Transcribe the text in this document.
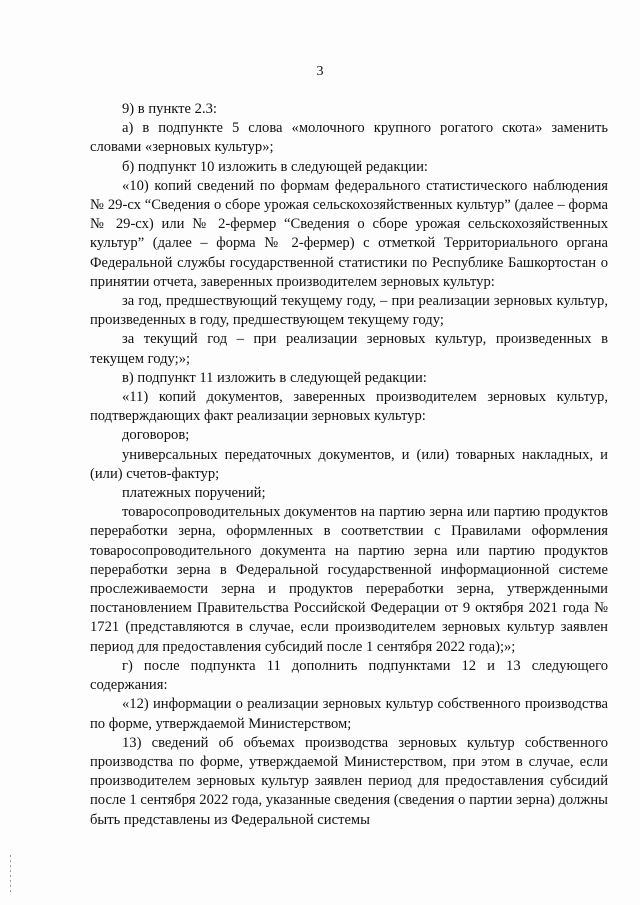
3

9) в пункте 2.3:

а) в подпункте 5 слова «молочного крупного рогатого скота» заменить словами «зерновых культур»;

б) подпункт 10 изложить в следующей редакции:

«10) копий сведений по формам федерального статистического наблюдения № 29-сх “Сведения о сборе урожая сельскохозяйственных культур” (далее – форма № 29-сх) или № 2-фермер “Сведения о сборе урожая сельскохозяйственных культур” (далее – форма № 2-фермер) с отметкой Территориального органа Федеральной службы государственной статистики по Республике Башкортостан о принятии отчета, заверенных производителем зерновых культур:

за год, предшествующий текущему году, – при реализации зерновых культур, произведенных в году, предшествующем текущему году;

за текущий год – при реализации зерновых культур, произведенных в текущем году;»;

в) подпункт 11 изложить в следующей редакции:

«11) копий документов, заверенных производителем зерновых культур, подтверждающих факт реализации зерновых культур:

договоров;

универсальных передаточных документов, и (или) товарных накладных, и (или) счетов-фактур;

платежных поручений;

товаросопроводительных документов на партию зерна или партию продуктов переработки зерна, оформленных в соответствии с Правилами оформления товаросопроводительного документа на партию зерна или партию продуктов переработки зерна в Федеральной государственной информационной системе прослеживаемости зерна и продуктов переработки зерна, утвержденными постановлением Правительства Российской Федерации от 9 октября 2021 года № 1721 (представляются в случае, если производителем зерновых культур заявлен период для предоставления субсидий после 1 сентября 2022 года);»;

г) после подпункта 11 дополнить подпунктами 12 и 13 следующего содержания:

«12) информации о реализации зерновых культур собственного производства по форме, утверждаемой Министерством;

13) сведений об объемах производства зерновых культур собственного производства по форме, утверждаемой Министерством, при этом в случае, если производителем зерновых культур заявлен период для предоставления субсидий после 1 сентября 2022 года, указанные сведения (сведения о партии зерна) должны быть представлены из Федеральной системы
